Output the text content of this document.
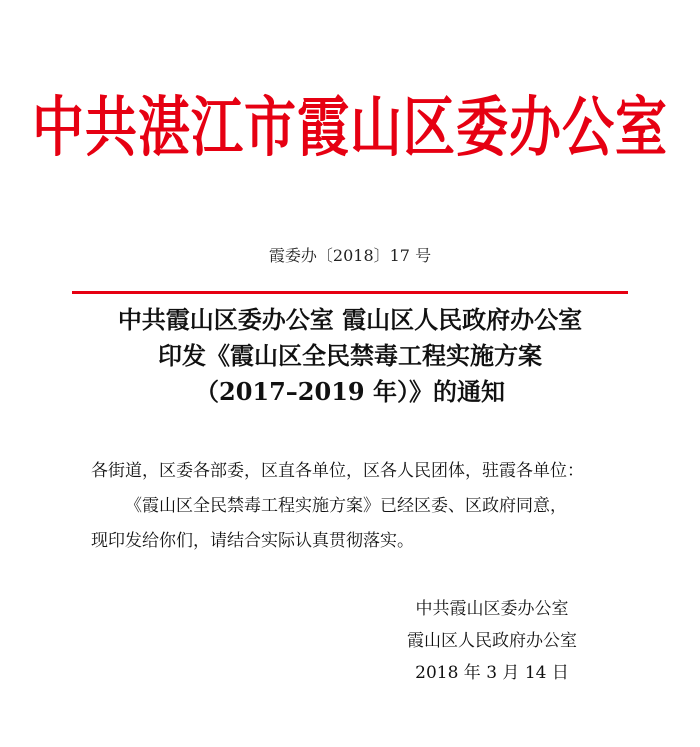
中共湛江市霞山区委办公室
霞委办〔2018〕17 号
中共霞山区委办公室 霞山区人民政府办公室
印发《霞山区全民禁毒工程实施方案
（2017–2019 年）》的通知
各街道，区委各部委，区直各单位，区各人民团体，驻霞各单位：
《霞山区全民禁毒工程实施方案》已经区委、区政府同意，
现印发给你们，请结合实际认真贯彻落实。
中共霞山区委办公室
霞山区人民政府办公室
2018 年 3 月 14 日
